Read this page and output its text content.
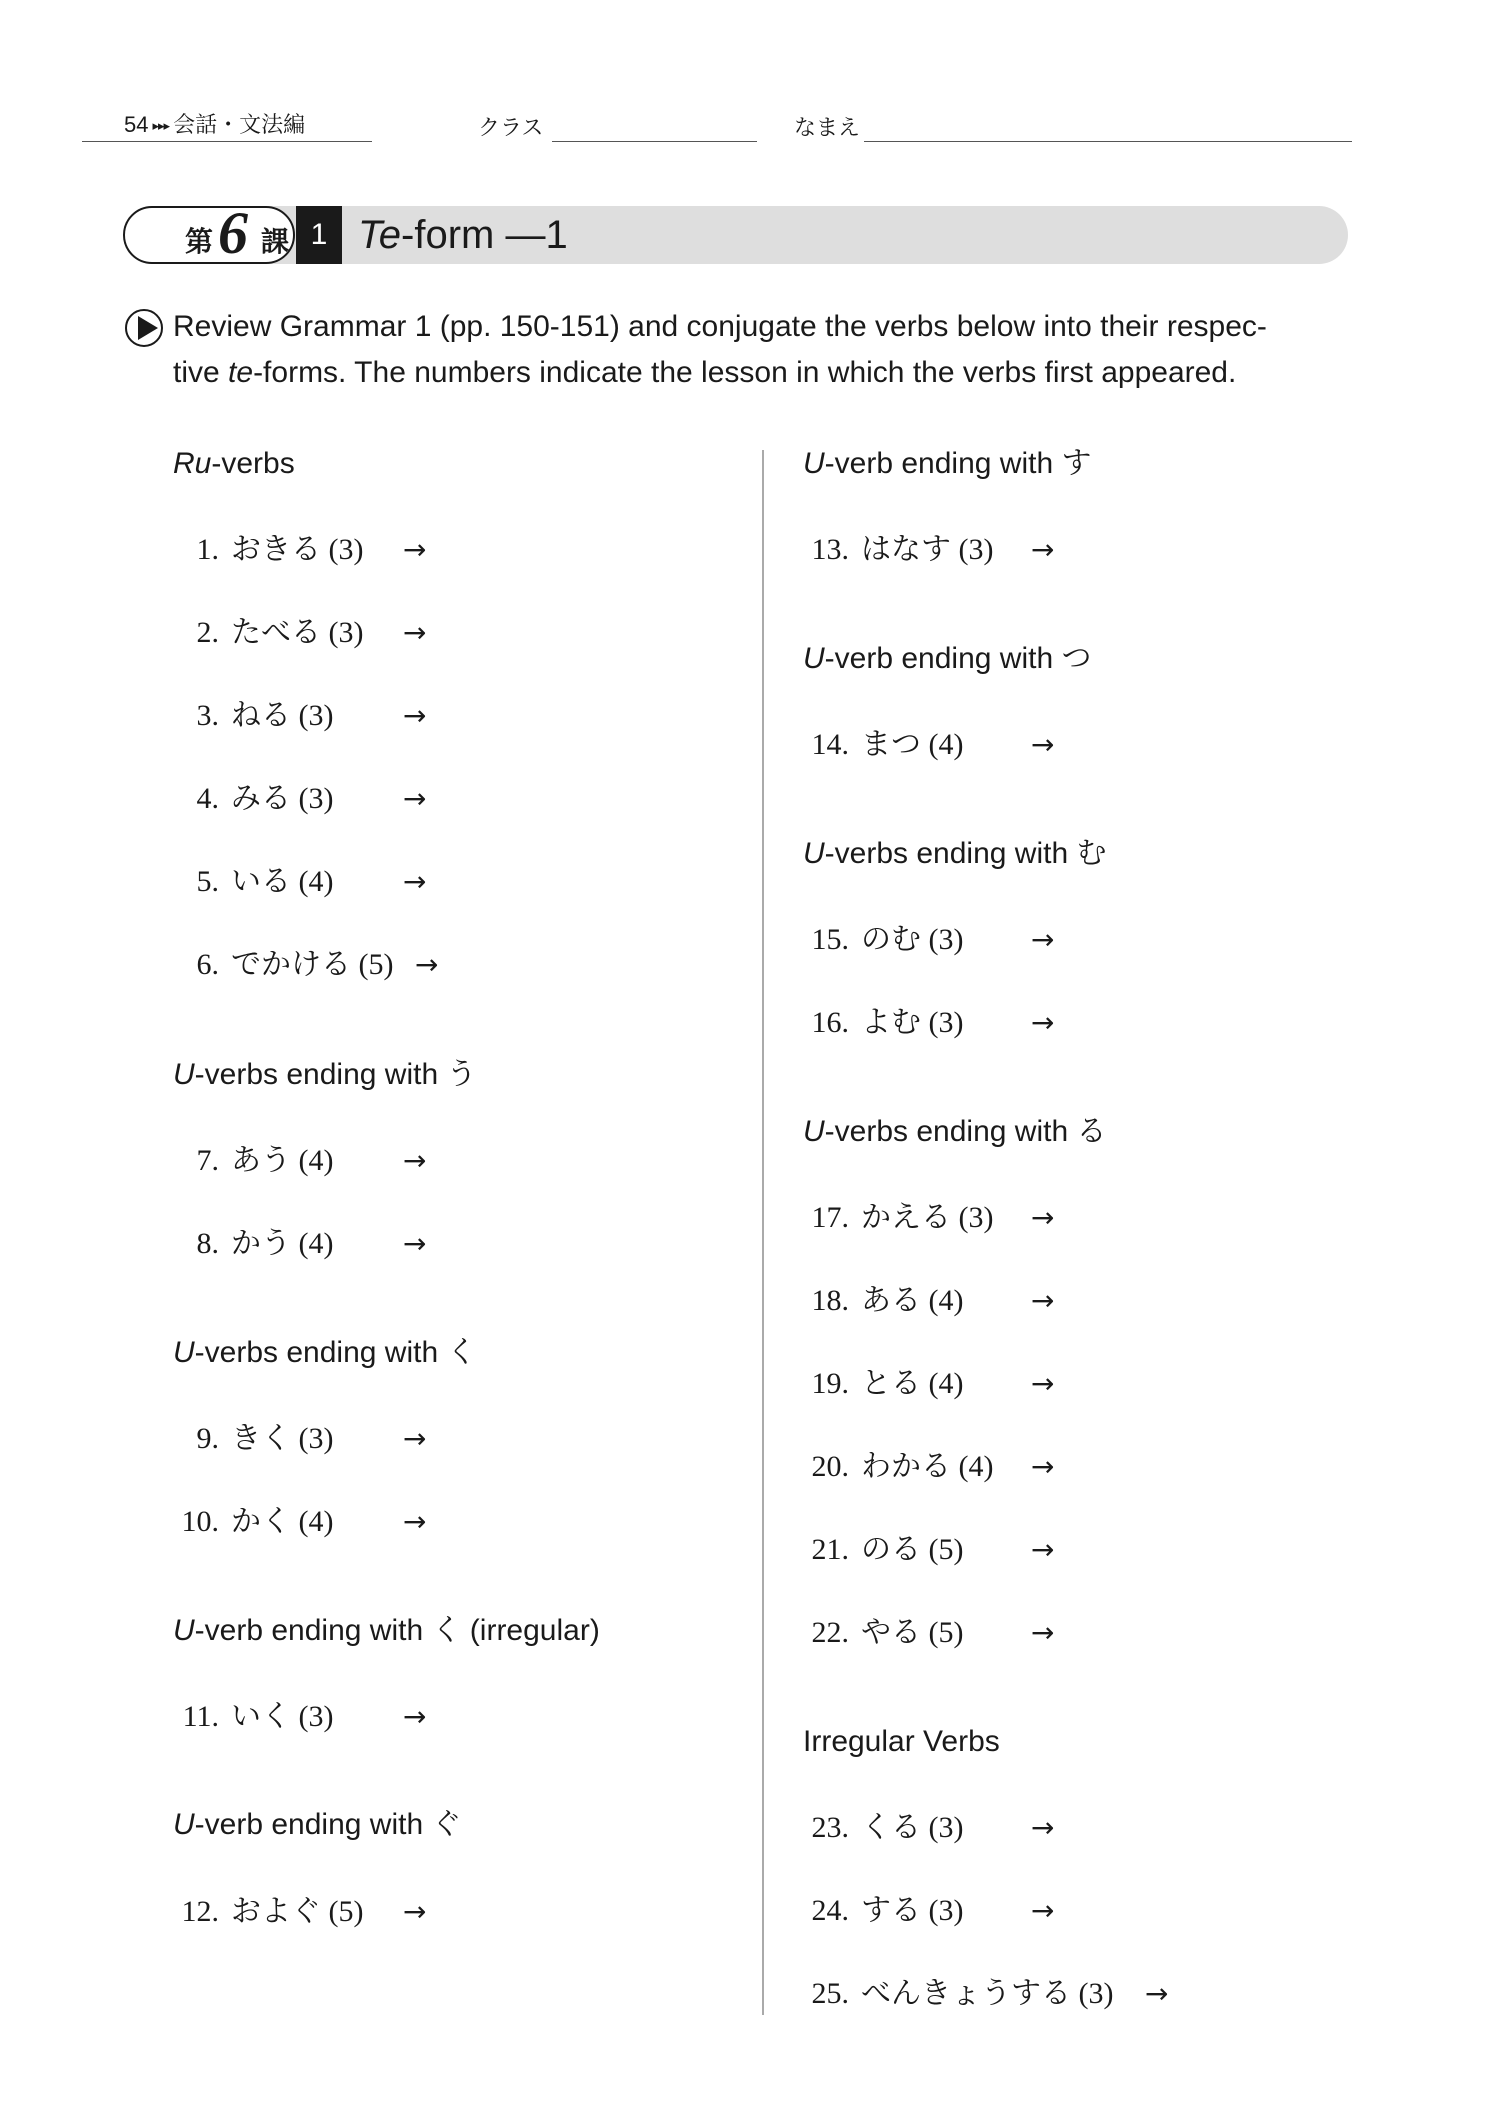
54 ▸▸▸ 会話・文法編	クラス	なまえ
第 6 課 1 Te-form —1

Review Grammar 1 (pp. 150-151) and conjugate the verbs below into their respec-
tive te-forms. The numbers indicate the lesson in which the verbs first appeared.

Ru-verbs
U-verbs ending with う
U-verbs ending with く
U-verb ending with く (irregular)
U-verb ending with ぐ
U-verb ending with す
U-verb ending with つ
U-verbs ending with む
U-verbs ending with る
Irregular Verbs
1. おきる (3) →
2. たべる (3) →
3. ねる (3) →
4. みる (3) →
5. いる (4) →
6. でかける (5) →
7. あう (4) →
8. かう (4) →
9. きく (3) →
10. かく (4) →
11. いく (3) →
12. およぐ (5) →
13. はなす (3) →
14. まつ (4) →
15. のむ (3) →
16. よむ (3) →
17. かえる (3) →
18. ある (4) →
19. とる (4) →
20. わかる (4) →
21. のる (5) →
22. やる (5) →
23. くる (3) →
24. する (3) →
25. べんきょうする (3) →
